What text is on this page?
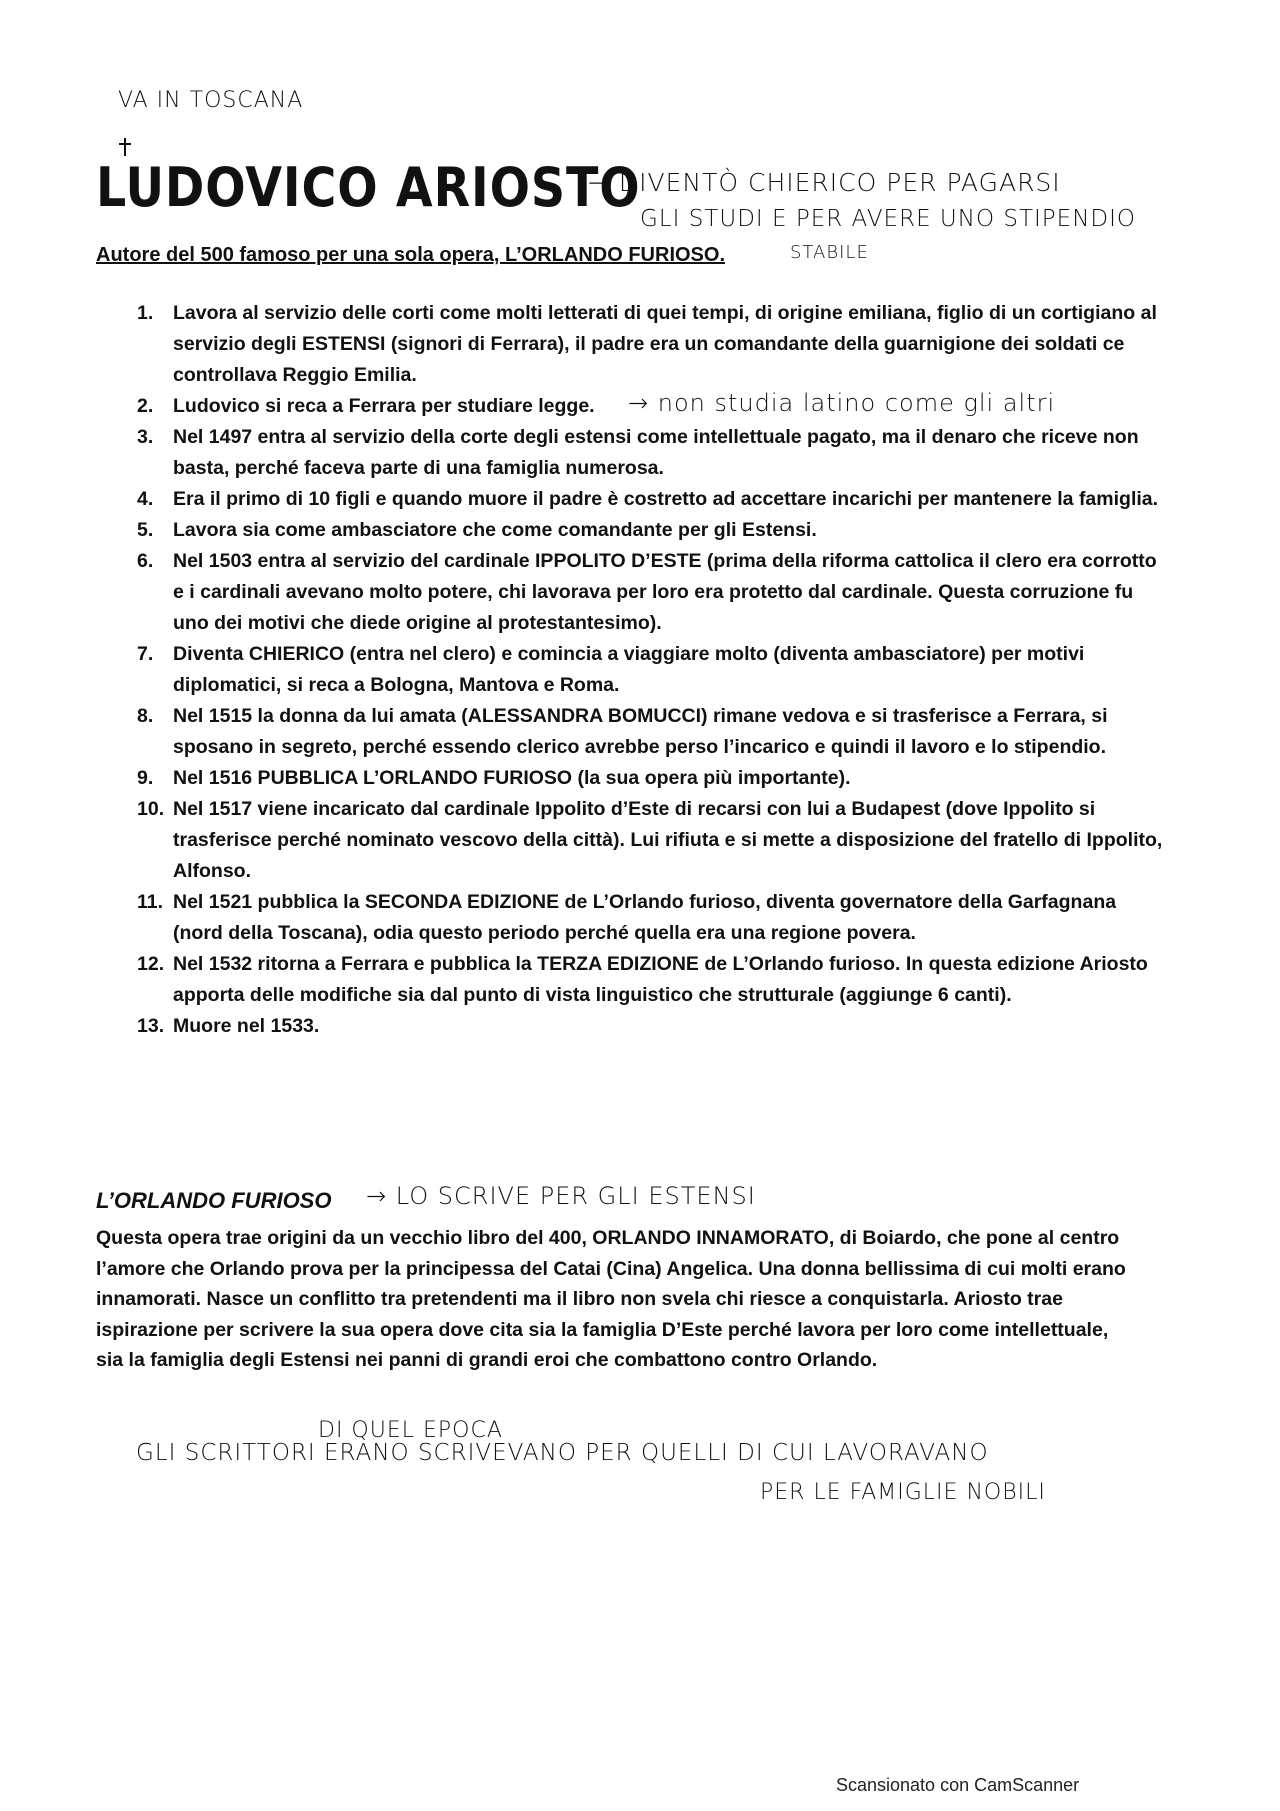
VA IN TOSCANA
LUDOVICO ARIOSTO
→ DIVENTÒ CHIERICO PER PAGARSI
GLI STUDI E PER AVERE UNO STIPENDIO
Autore del 500 famoso per una sola opera, L’ORLANDO FURIOSO.	STABILE
1.	Lavora al servizio delle corti come molti letterati di quei tempi, di origine emiliana, figlio di un cortigiano al servizio degli ESTENSI (signori di Ferrara), il padre era un comandante della guarnigione dei soldati ce controllava Reggio Emilia.
2.	Ludovico si reca a Ferrara per studiare legge.
3.	Nel 1497 entra al servizio della corte degli estensi come intellettuale pagato, ma il denaro che riceve non basta, perché faceva parte di una famiglia numerosa.
4.	Era il primo di 10 figli e quando muore il padre è costretto ad accettare incarichi per mantenere la famiglia.
5.	Lavora sia come ambasciatore che come comandante per gli Estensi.
6.	Nel 1503 entra al servizio del cardinale IPPOLITO D’ESTE (prima della riforma cattolica il clero era corrotto e i cardinali avevano molto potere, chi lavorava per loro era protetto dal cardinale. Questa corruzione fu uno dei motivi che diede origine al protestantesimo).
7.	Diventa CHIERICO (entra nel clero) e comincia a viaggiare molto (diventa ambasciatore) per motivi diplomatici, si reca a Bologna, Mantova e Roma.
8.	Nel 1515 la donna da lui amata (ALESSANDRA BOMUCCI) rimane vedova e si trasferisce a Ferrara, si sposano in segreto, perché essendo clerico avrebbe perso l’incarico e quindi il lavoro e lo stipendio.
9.	Nel 1516 PUBBLICA L’ORLANDO FURIOSO (la sua opera più importante).
10. Nel 1517 viene incaricato dal cardinale Ippolito d’Este di recarsi con lui a Budapest (dove Ippolito si trasferisce perché nominato vescovo della città). Lui rifiuta e si mette a disposizione del fratello di Ippolito, Alfonso.
11. Nel 1521 pubblica la SECONDA EDIZIONE de L’Orlando furioso, diventa governatore della Garfagnana (nord della Toscana), odia questo periodo perché quella era una regione povera.
12. Nel 1532 ritorna a Ferrara e pubblica la TERZA EDIZIONE de L’Orlando furioso. In questa edizione Ariosto apporta delle modifiche sia dal punto di vista linguistico che strutturale (aggiunge 6 canti).
13. Muore nel 1533.
→ non studia latino come gli altri
L’ORLANDO FURIOSO → LO SCRIVE PER GLI ESTENSI

Questa opera trae origini da un vecchio libro del 400, ORLANDO INNAMORATO, di Boiardo, che pone al centro l’amore che Orlando prova per la principessa del Catai (Cina) Angelica. Una donna bellissima di cui molti erano innamorati. Nasce un conflitto tra pretendenti ma il libro non svela chi riesce a conquistarla. Ariosto trae ispirazione per scrivere la sua opera dove cita sia la famiglia D’Este perché lavora per loro come intellettuale, sia la famiglia degli Estensi nei panni di grandi eroi che combattono contro Orlando.

DI QUEL EPOCA
GLI SCRITTORI ERANO SCRIVEVANO PER QUELLI DI CUI LAVORAVANO
PER LE FAMIGLIE NOBILI
Scansionato con CamScanner
